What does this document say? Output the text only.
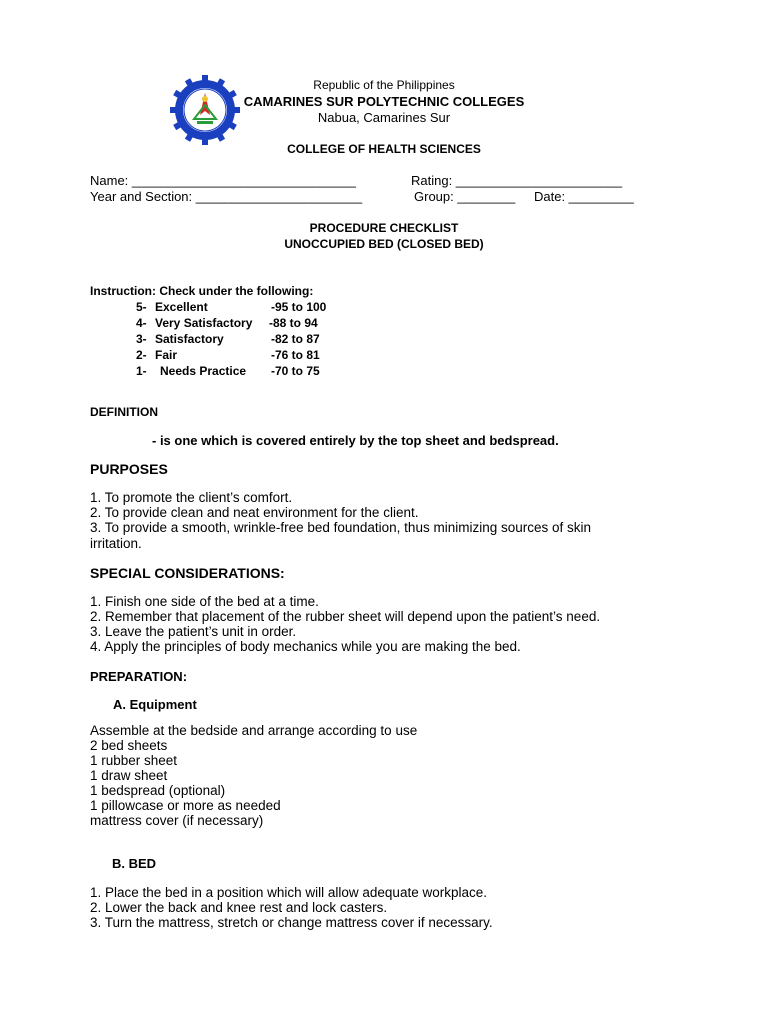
Republic of the Philippines
CAMARINES SUR POLYTECHNIC COLLEGES
Nabua, Camarines Sur
COLLEGE OF HEALTH SCIENCES
Name: _______________________________	Rating: _______________________
Year and Section: _______________________	Group: ________ Date: _________
PROCEDURE CHECKLIST
UNOCCUPIED BED (CLOSED BED)
Instruction: Check under the following:
5- Excellent	-95 to 100
4- Very Satisfactory -88 to 94
3- Satisfactory	-82 to 87
2- Fair	-76 to 81
1- Needs Practice -70 to 75
DEFINITION
- is one which is covered entirely by the top sheet and bedspread.
PURPOSES
1. To promote the client’s comfort.
2. To provide clean and neat environment for the client.
3. To provide a smooth, wrinkle-free bed foundation, thus minimizing sources of skin
irritation.
SPECIAL CONSIDERATIONS:
1. Finish one side of the bed at a time.
2. Remember that placement of the rubber sheet will depend upon the patient’s need.
3. Leave the patient’s unit in order.
4. Apply the principles of body mechanics while you are making the bed.
PREPARATION:
A. Equipment
Assemble at the bedside and arrange according to use
2 bed sheets
1 rubber sheet
1 draw sheet
1 bedspread (optional)
1 pillowcase or more as needed
mattress cover (if necessary)
B. BED
1. Place the bed in a position which will allow adequate workplace.
2. Lower the back and knee rest and lock casters.
3. Turn the mattress, stretch or change mattress cover if necessary.
